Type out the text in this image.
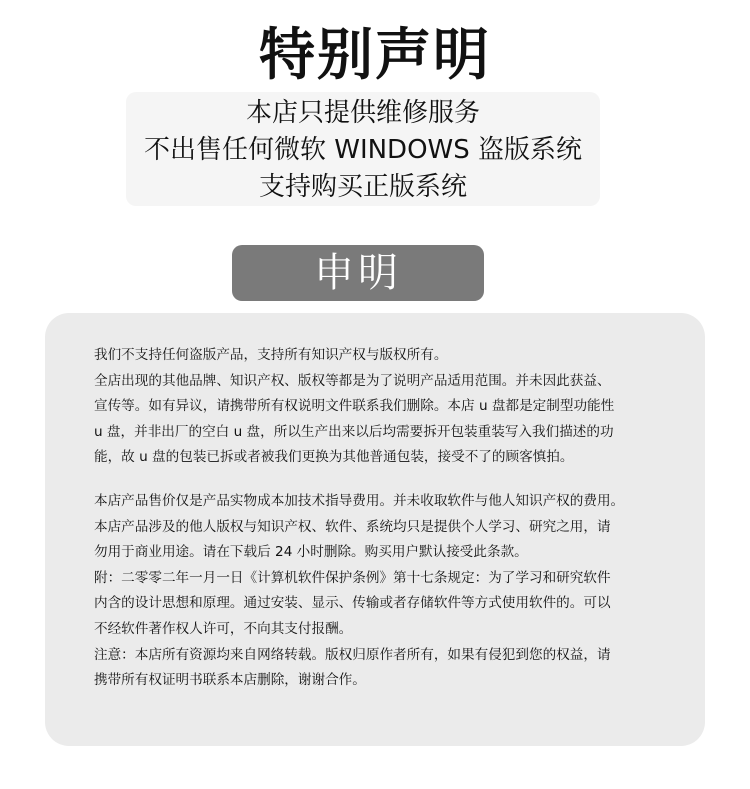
特别声明
本店只提供维修服务
不出售任何微软 WINDOWS 盗版系统
支持购买正版系统
申明

我们不支持任何盗版产品，支持所有知识产权与版权所有。
全店出现的其他品牌、知识产权、版权等都是为了说明产品适用范围。并未因此获益、
宣传等。如有异议，请携带所有权说明文件联系我们删除。本店 u 盘都是定制型功能性
u 盘，并非出厂的空白 u 盘，所以生产出来以后均需要拆开包装重装写入我们描述的功
能，故 u 盘的包装已拆或者被我们更换为其他普通包装，接受不了的顾客慎拍。

本店产品售价仅是产品实物成本加技术指导费用。并未收取软件与他人知识产权的费用。
本店产品涉及的他人版权与知识产权、软件、系统均只是提供个人学习、研究之用，请
勿用于商业用途。请在下载后 24 小时删除。购买用户默认接受此条款。
附：二零零二年一月一日《计算机软件保护条例》第十七条规定：为了学习和研究软件
内含的设计思想和原理。通过安装、显示、传输或者存储软件等方式使用软件的。可以
不经软件著作权人许可，不向其支付报酬。
注意：本店所有资源均来自网络转载。版权归原作者所有，如果有侵犯到您的权益，请
携带所有权证明书联系本店删除，谢谢合作。
